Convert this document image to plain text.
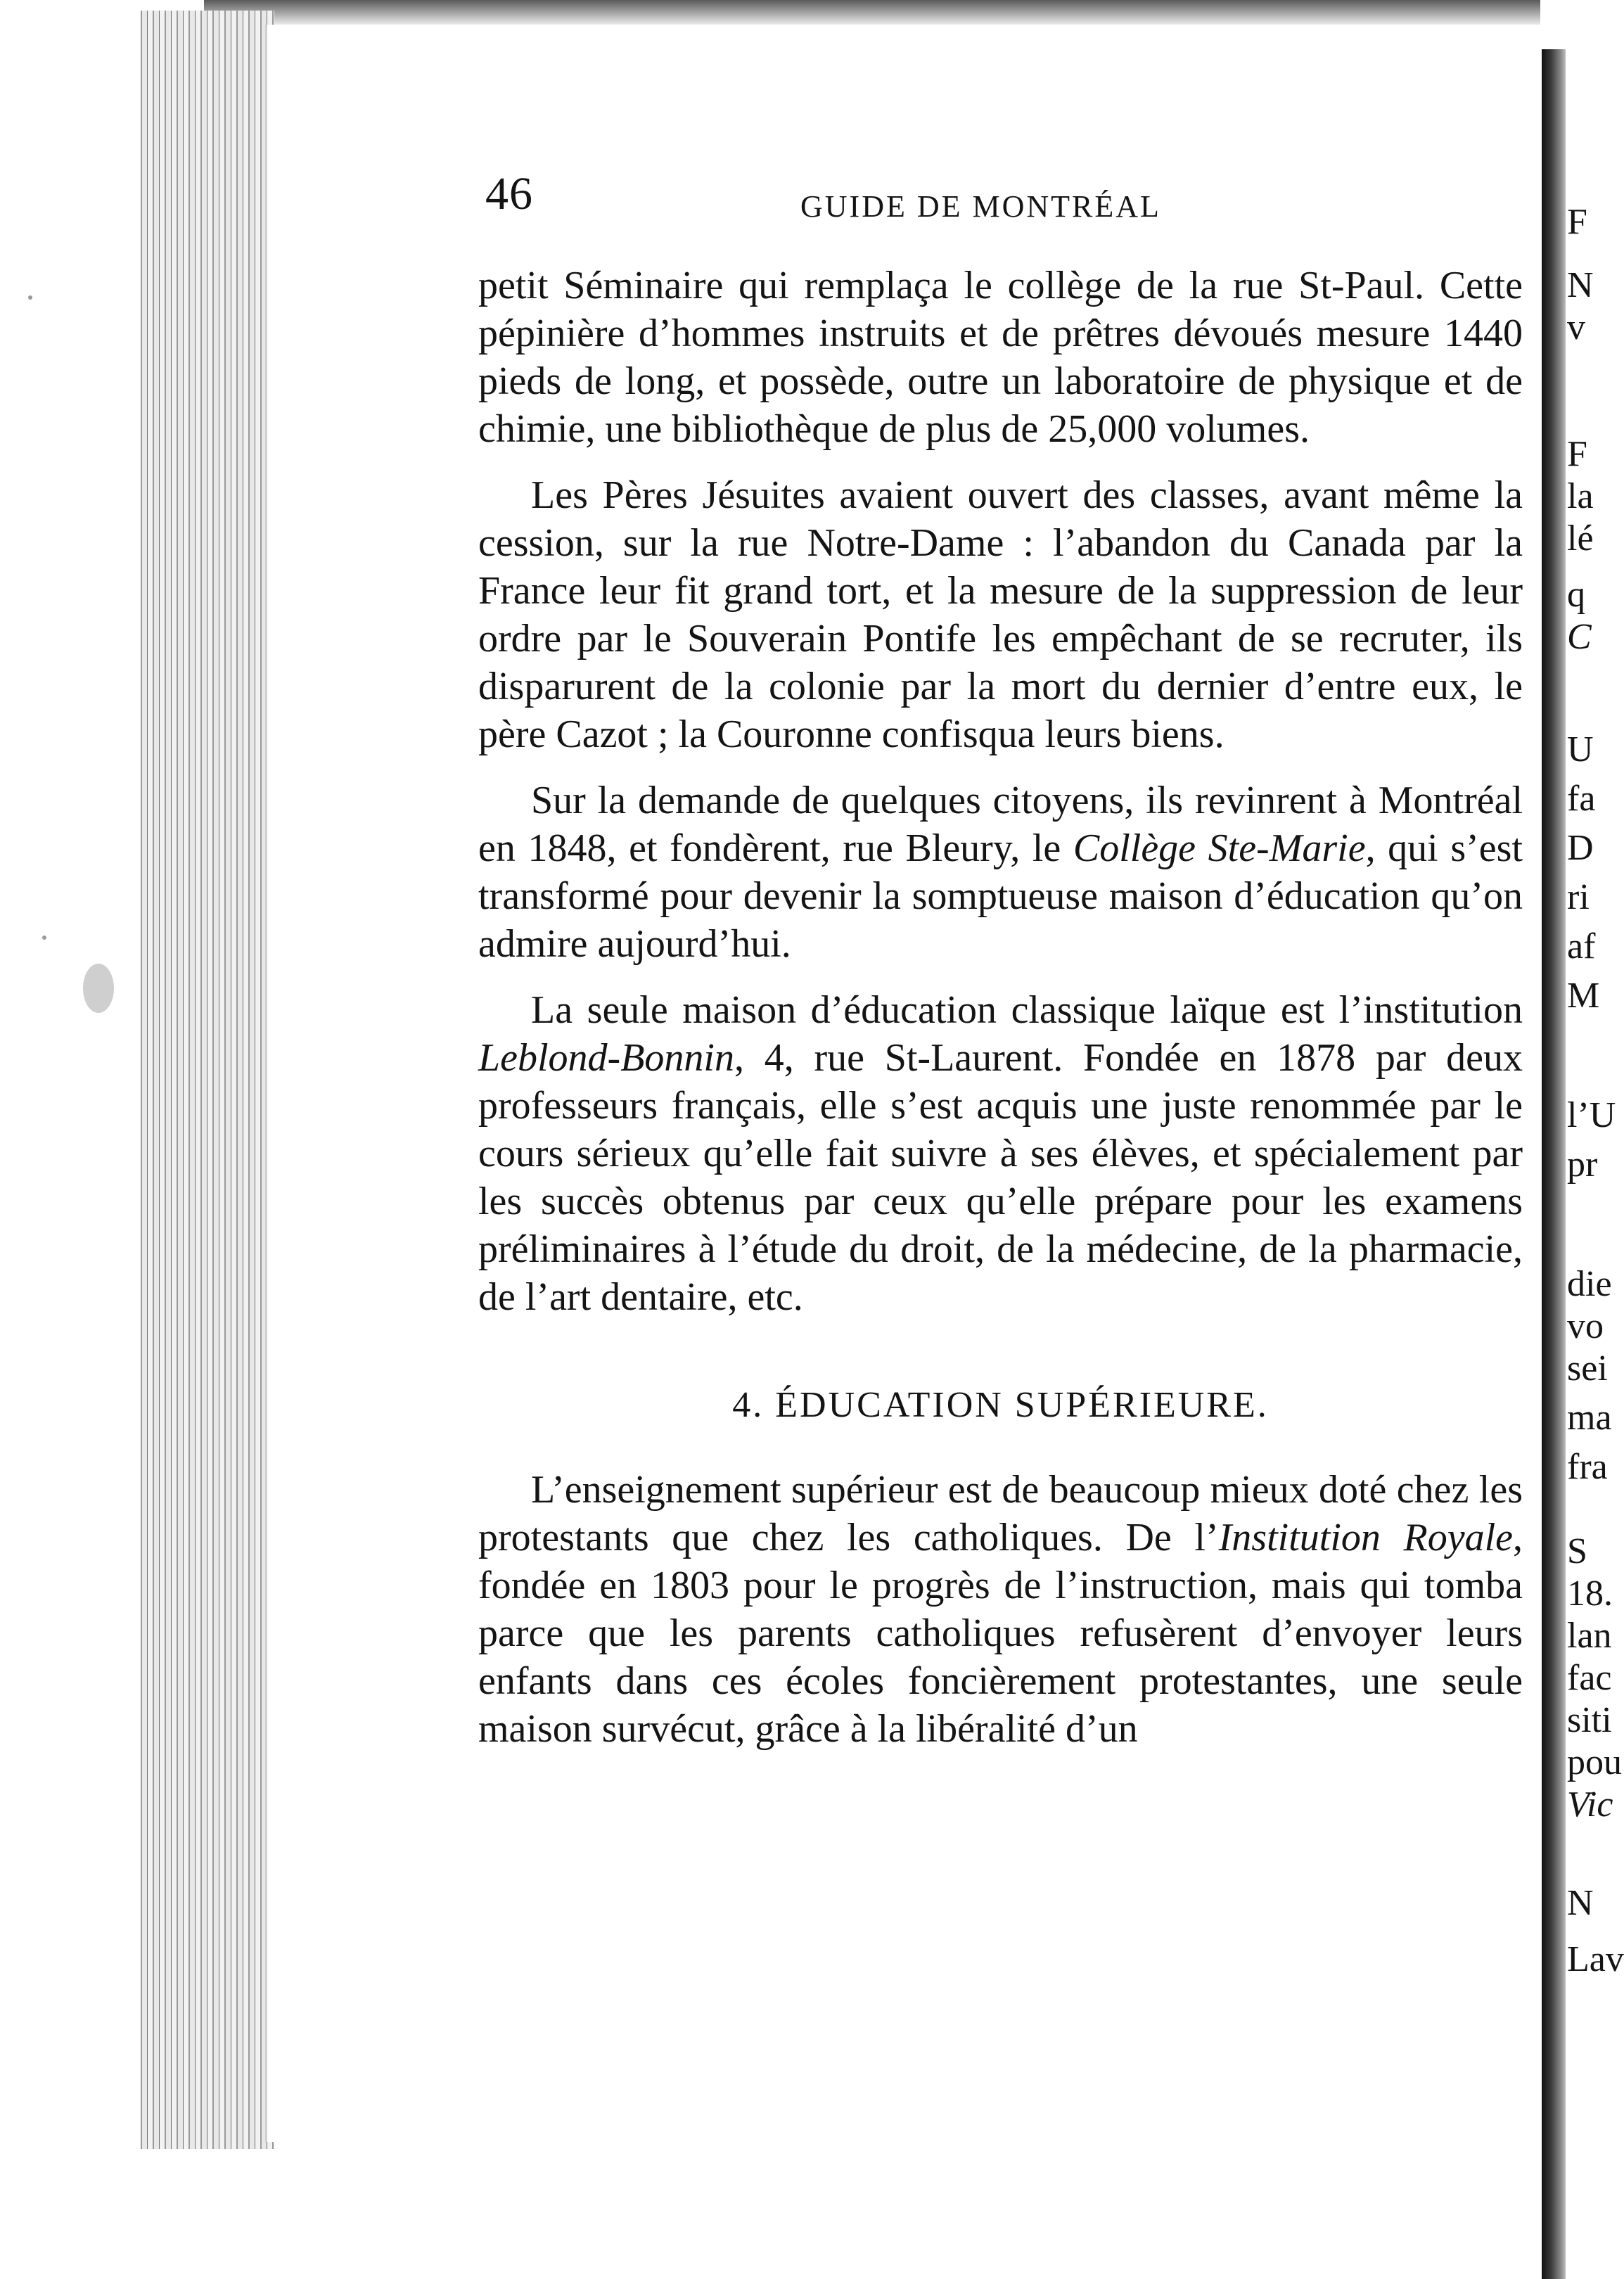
46	GUIDE DE MONTRÉAL

petit Séminaire qui remplaça le collège de la rue St-Paul. Cette pépinière d’hommes instruits et de prêtres dévoués mesure 1440 pieds de long, et possède, outre un laboratoire de physique et de chimie, une bibliothèque de plus de 25,000 volumes.

Les Pères Jésuites avaient ouvert des classes, avant même la cession, sur la rue Notre-Dame : l’abandon du Canada par la France leur fit grand tort, et la mesure de la suppression de leur ordre par le Souverain Pontife les empêchant de se recruter, ils disparurent de la colonie par la mort du dernier d’entre eux, le père Cazot ; la Couronne confisqua leurs biens.

Sur la demande de quelques citoyens, ils revinrent à Montréal en 1848, et fondèrent, rue Bleury, le Collège Ste-Marie, qui s’est transformé pour devenir la somptueuse maison d’éducation qu’on admire aujourd’hui.

La seule maison d’éducation classique laïque est l’institution Leblond-Bonnin, 4, rue St-Laurent. Fondée en 1878 par deux professeurs français, elle s’est acquis une juste renommée par le cours sérieux qu’elle fait suivre à ses élèves, et spécialement par les succès obtenus par ceux qu’elle prépare pour les examens préliminaires à l’étude du droit, de la médecine, de la pharmacie, de l’art dentaire, etc.

4. ÉDUCATION SUPÉRIEURE.

L’enseignement supérieur est de beaucoup mieux doté chez les protestants que chez les catholiques. De l’Institution Royale, fondée en 1803 pour le progrès de l’instruction, mais qui tomba parce que les parents catholiques refusèrent d’envoyer leurs enfants dans ces écoles foncièrement protestantes, une seule maison survécut, grâce à la libéralité d’un

F
N
v
F
la
lé
q
C
U
fa
D
ri
af
M
l’U
pr
die
vo
sei
ma
fra
S
18.
lan
fac
siti
pou
Vic
N
Lav
